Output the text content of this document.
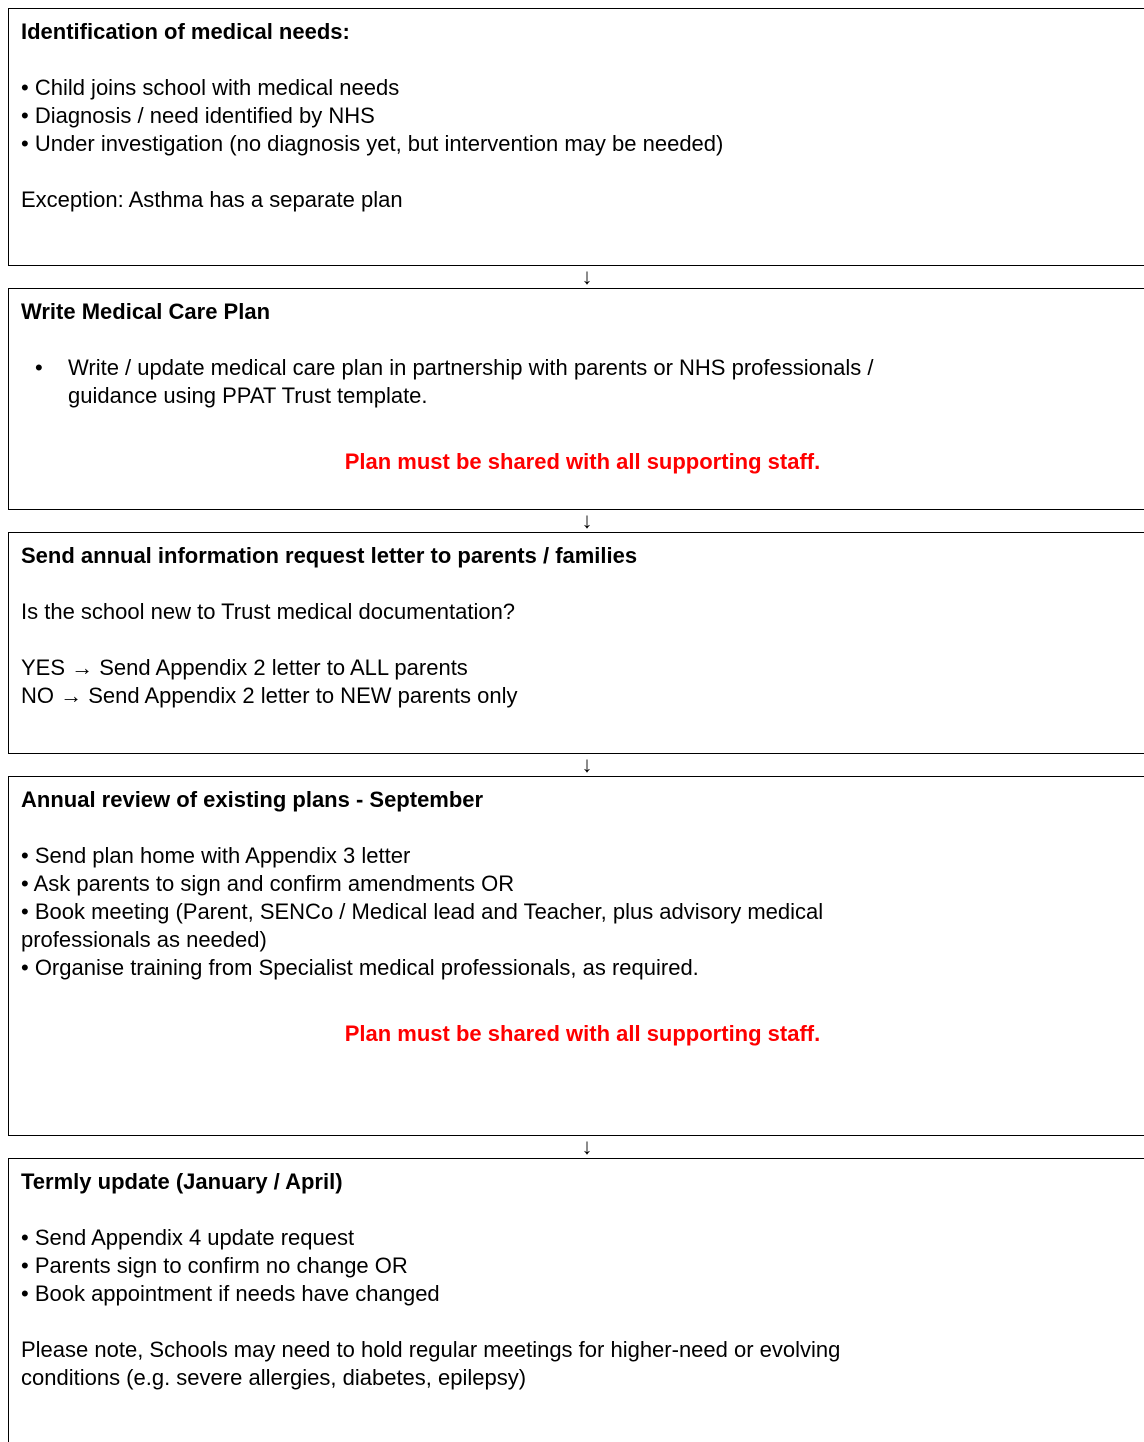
Identification of medical needs:

• Child joins school with medical needs

• Diagnosis / need identified by NHS

• Under investigation (no diagnosis yet, but intervention may be needed)

Exception: Asthma has a separate plan

↓

Write Medical Care Plan

• Write / update medical care plan in partnership with parents or NHS professionals /

guidance using PPAT Trust template.

Plan must be shared with all supporting staff.

↓

Send annual information request letter to parents / families

Is the school new to Trust medical documentation?

YES → Send Appendix 2 letter to ALL parents

NO → Send Appendix 2 letter to NEW parents only

↓

Annual review of existing plans - September

• Send plan home with Appendix 3 letter

• Ask parents to sign and confirm amendments OR

• Book meeting (Parent, SENCo / Medical lead and Teacher, plus advisory medical

professionals as needed)

• Organise training from Specialist medical professionals, as required.

Plan must be shared with all supporting staff.

↓

Termly update (January / April)

• Send Appendix 4 update request

• Parents sign to confirm no change OR

• Book appointment if needs have changed

Please note, Schools may need to hold regular meetings for higher-need or evolving

conditions (e.g. severe allergies, diabetes, epilepsy)
